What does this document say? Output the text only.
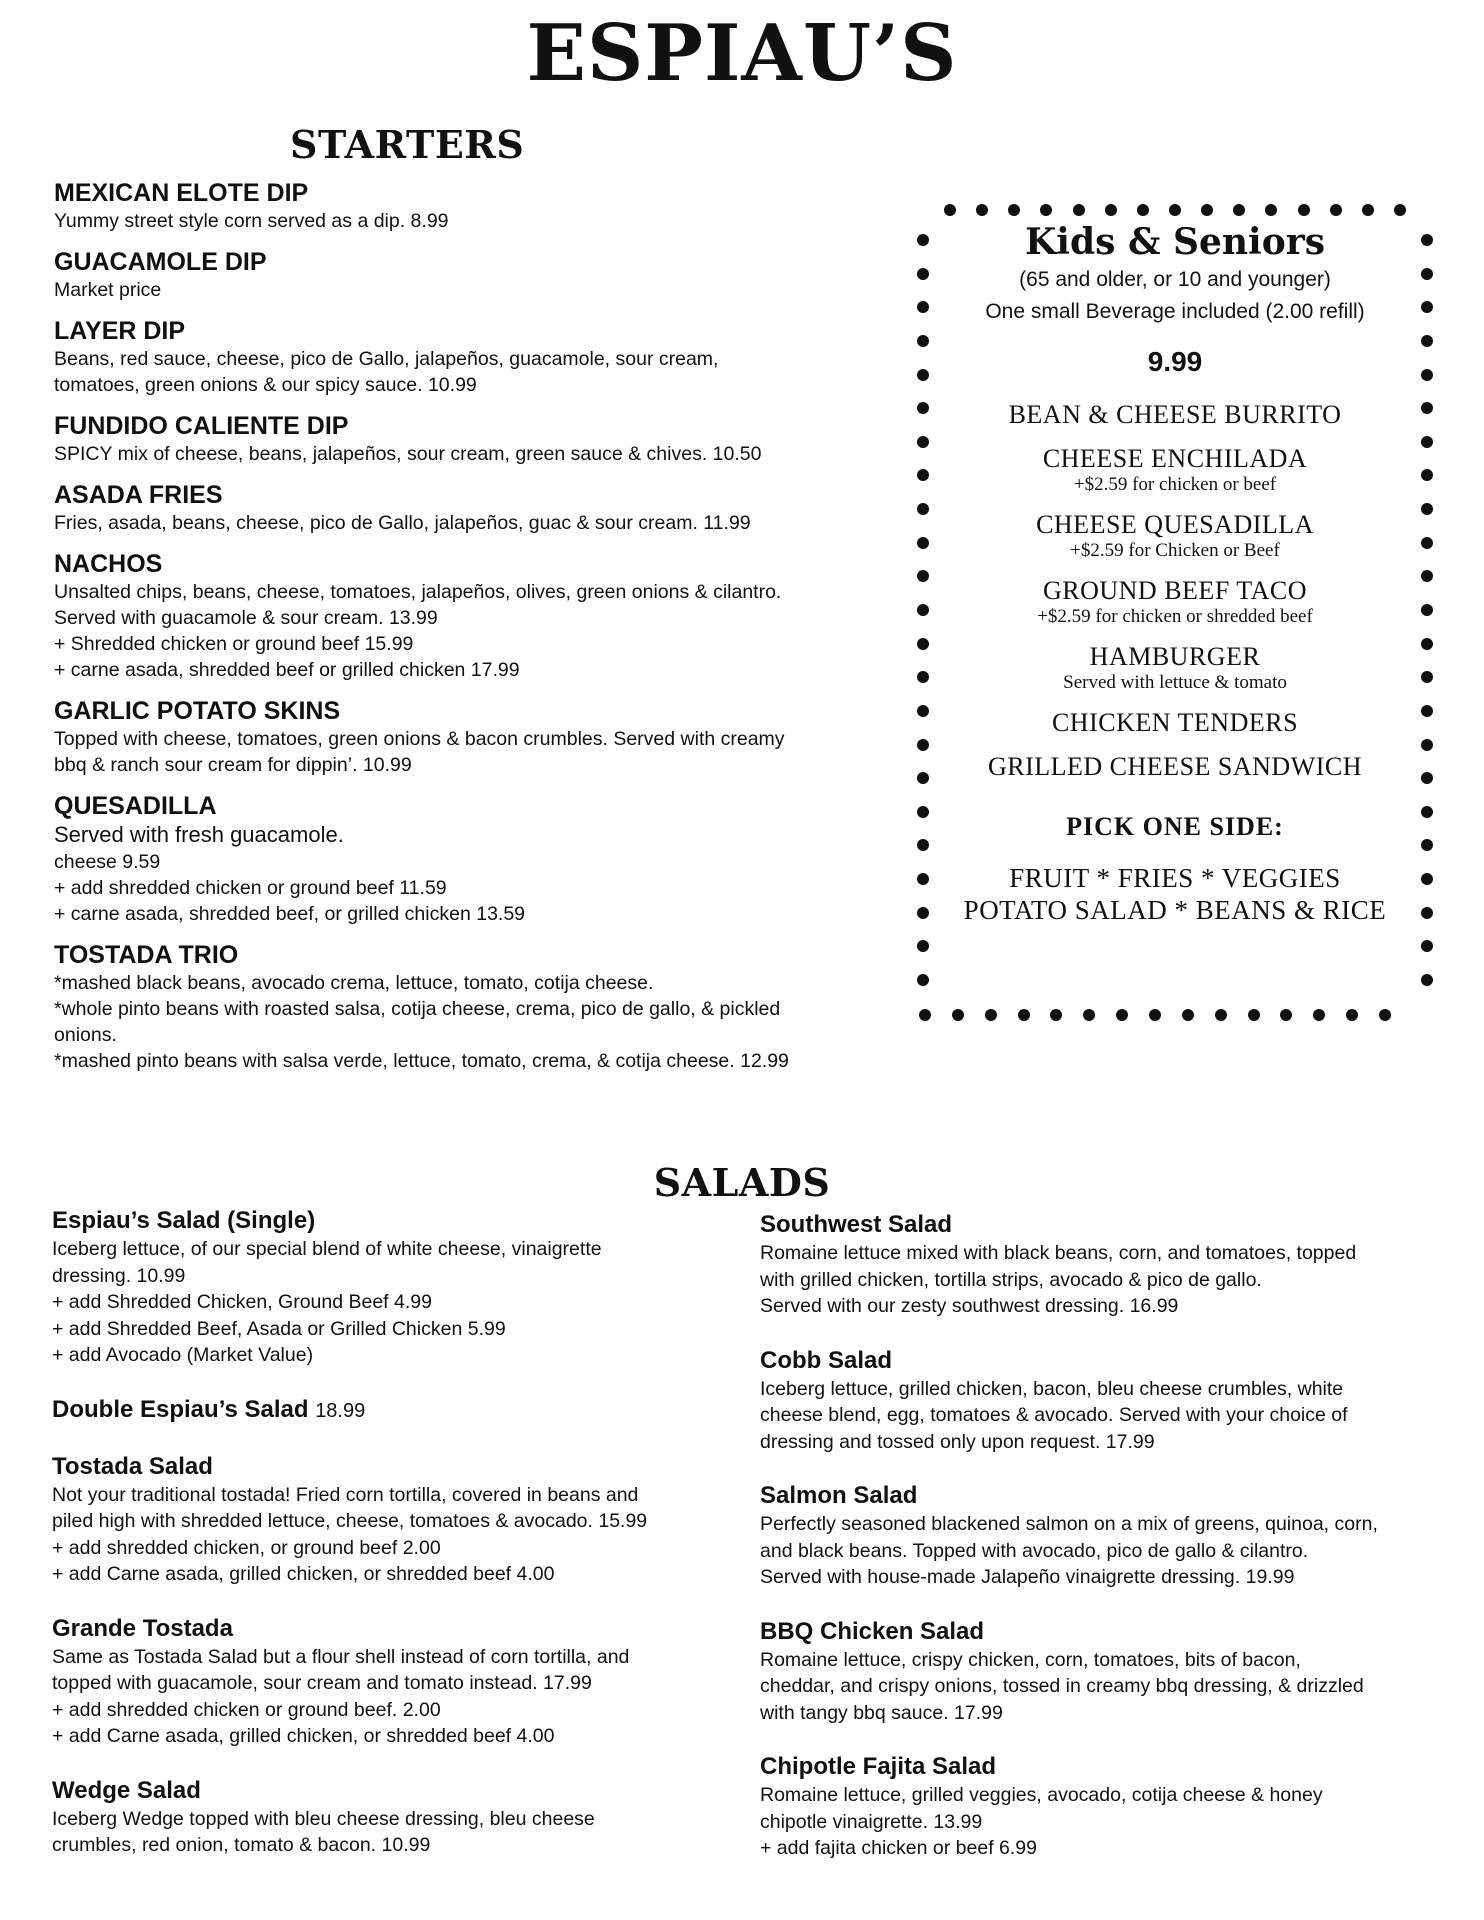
ESPIAU’S
STARTERS
MEXICAN ELOTE DIP
Yummy street style corn served as a dip. 8.99
GUACAMOLE DIP
Market price
LAYER DIP
Beans, red sauce, cheese, pico de Gallo, jalapeños, guacamole, sour cream,
tomatoes, green onions & our spicy sauce. 10.99
FUNDIDO CALIENTE DIP
SPICY mix of cheese, beans, jalapeños, sour cream, green sauce & chives. 10.50
ASADA FRIES
Fries, asada, beans, cheese, pico de Gallo, jalapeños, guac & sour cream. 11.99
NACHOS
Unsalted chips, beans, cheese, tomatoes, jalapeños, olives, green onions & cilantro.
Served with guacamole & sour cream. 13.99
+ Shredded chicken or ground beef 15.99
+ carne asada, shredded beef or grilled chicken 17.99
GARLIC POTATO SKINS
Topped with cheese, tomatoes, green onions & bacon crumbles. Served with creamy
bbq & ranch sour cream for dippin’. 10.99
QUESADILLA
Served with fresh guacamole.
cheese 9.59
+ add shredded chicken or ground beef 11.59
+ carne asada, shredded beef, or grilled chicken 13.59
TOSTADA TRIO
*mashed black beans, avocado crema, lettuce, tomato, cotija cheese.
*whole pinto beans with roasted salsa, cotija cheese, crema, pico de gallo, & pickled
onions.
*mashed pinto beans with salsa verde, lettuce, tomato, crema, & cotija cheese. 12.99
Kids & Seniors
(65 and older, or 10 and younger)
One small Beverage included (2.00 refill)
9.99
BEAN & CHEESE BURRITO
CHEESE ENCHILADA
+$2.59 for chicken or beef
CHEESE QUESADILLA
+$2.59 for Chicken or Beef
GROUND BEEF TACO
+$2.59 for chicken or shredded beef
HAMBURGER
Served with lettuce & tomato
CHICKEN TENDERS
GRILLED CHEESE SANDWICH
PICK ONE SIDE:
FRUIT * FRIES * VEGGIES
POTATO SALAD * BEANS & RICE
SALADS
Espiau’s Salad (Single)
Iceberg lettuce, of our special blend of white cheese, vinaigrette
dressing. 10.99
+ add Shredded Chicken, Ground Beef 4.99
+ add Shredded Beef, Asada or Grilled Chicken 5.99
+ add Avocado (Market Value)
Double Espiau’s Salad 18.99
Tostada Salad
Not your traditional tostada! Fried corn tortilla, covered in beans and
piled high with shredded lettuce, cheese, tomatoes & avocado. 15.99
+ add shredded chicken, or ground beef 2.00
+ add Carne asada, grilled chicken, or shredded beef 4.00
Grande Tostada
Same as Tostada Salad but a flour shell instead of corn tortilla, and
topped with guacamole, sour cream and tomato instead. 17.99
+ add shredded chicken or ground beef. 2.00
+ add Carne asada, grilled chicken, or shredded beef 4.00
Wedge Salad
Iceberg Wedge topped with bleu cheese dressing, bleu cheese
crumbles, red onion, tomato & bacon. 10.99
Southwest Salad
Romaine lettuce mixed with black beans, corn, and tomatoes, topped
with grilled chicken, tortilla strips, avocado & pico de gallo.
Served with our zesty southwest dressing. 16.99
Cobb Salad
Iceberg lettuce, grilled chicken, bacon, bleu cheese crumbles, white
cheese blend, egg, tomatoes & avocado. Served with your choice of
dressing and tossed only upon request. 17.99
Salmon Salad
Perfectly seasoned blackened salmon on a mix of greens, quinoa, corn,
and black beans. Topped with avocado, pico de gallo & cilantro.
Served with house-made Jalapeño vinaigrette dressing. 19.99
BBQ Chicken Salad
Romaine lettuce, crispy chicken, corn, tomatoes, bits of bacon,
cheddar, and crispy onions, tossed in creamy bbq dressing, & drizzled
with tangy bbq sauce. 17.99
Chipotle Fajita Salad
Romaine lettuce, grilled veggies, avocado, cotija cheese & honey
chipotle vinaigrette. 13.99
+ add fajita chicken or beef 6.99
